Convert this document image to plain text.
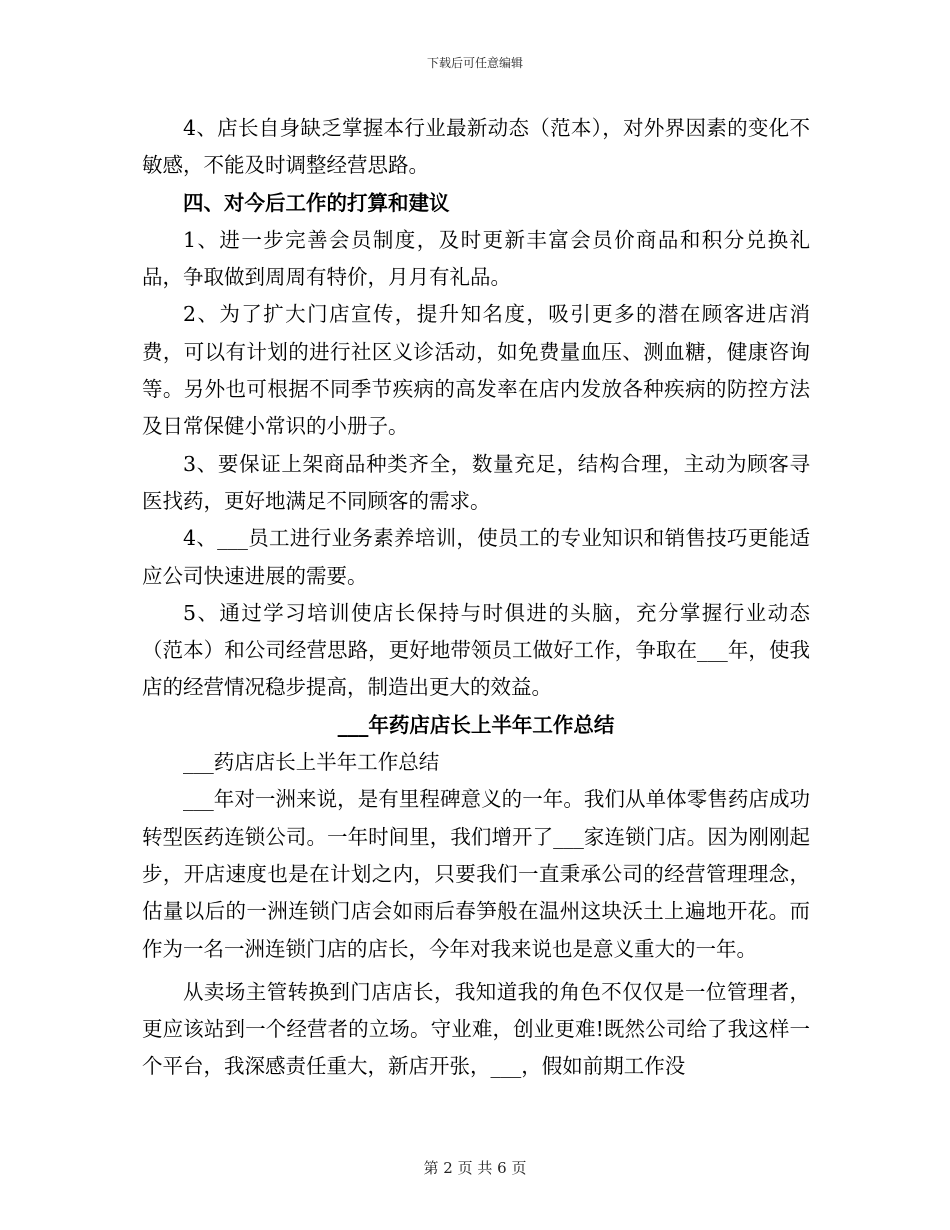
下载后可任意编辑

4、店长自身缺乏掌握本行业最新动态（范本），对外界因素的变化不敏感，不能及时调整经营思路。

四、对今后工作的打算和建议

1、进一步完善会员制度，及时更新丰富会员价商品和积分兑换礼品，争取做到周周有特价，月月有礼品。

2、为了扩大门店宣传，提升知名度，吸引更多的潜在顾客进店消费，可以有计划的进行社区义诊活动，如免费量血压、测血糖，健康咨询等。另外也可根据不同季节疾病的高发率在店内发放各种疾病的防控方法及日常保健小常识的小册子。

3、要保证上架商品种类齐全，数量充足，结构合理，主动为顾客寻医找药，更好地满足不同顾客的需求。

4、___员工进行业务素养培训，使员工的专业知识和销售技巧更能适应公司快速进展的需要。

5、通过学习培训使店长保持与时俱进的头脑，充分掌握行业动态（范本）和公司经营思路，更好地带领员工做好工作，争取在___年，使我店的经营情况稳步提高，制造出更大的效益。

___年药店店长上半年工作总结

___药店店长上半年工作总结

___年对一洲来说，是有里程碑意义的一年。我们从单体零售药店成功转型医药连锁公司。一年时间里，我们增开了___家连锁门店。因为刚刚起步，开店速度也是在计划之内，只要我们一直秉承公司的经营管理理念，估量以后的一洲连锁门店会如雨后春笋般在温州这块沃土上遍地开花。而作为一名一洲连锁门店的店长，今年对我来说也是意义重大的一年。

从卖场主管转换到门店店长，我知道我的角色不仅仅是一位管理者，更应该站到一个经营者的立场。守业难，创业更难!既然公司给了我这样一个平台，我深感责任重大，新店开张，___，假如前期工作没

第 2 页 共 6 页
